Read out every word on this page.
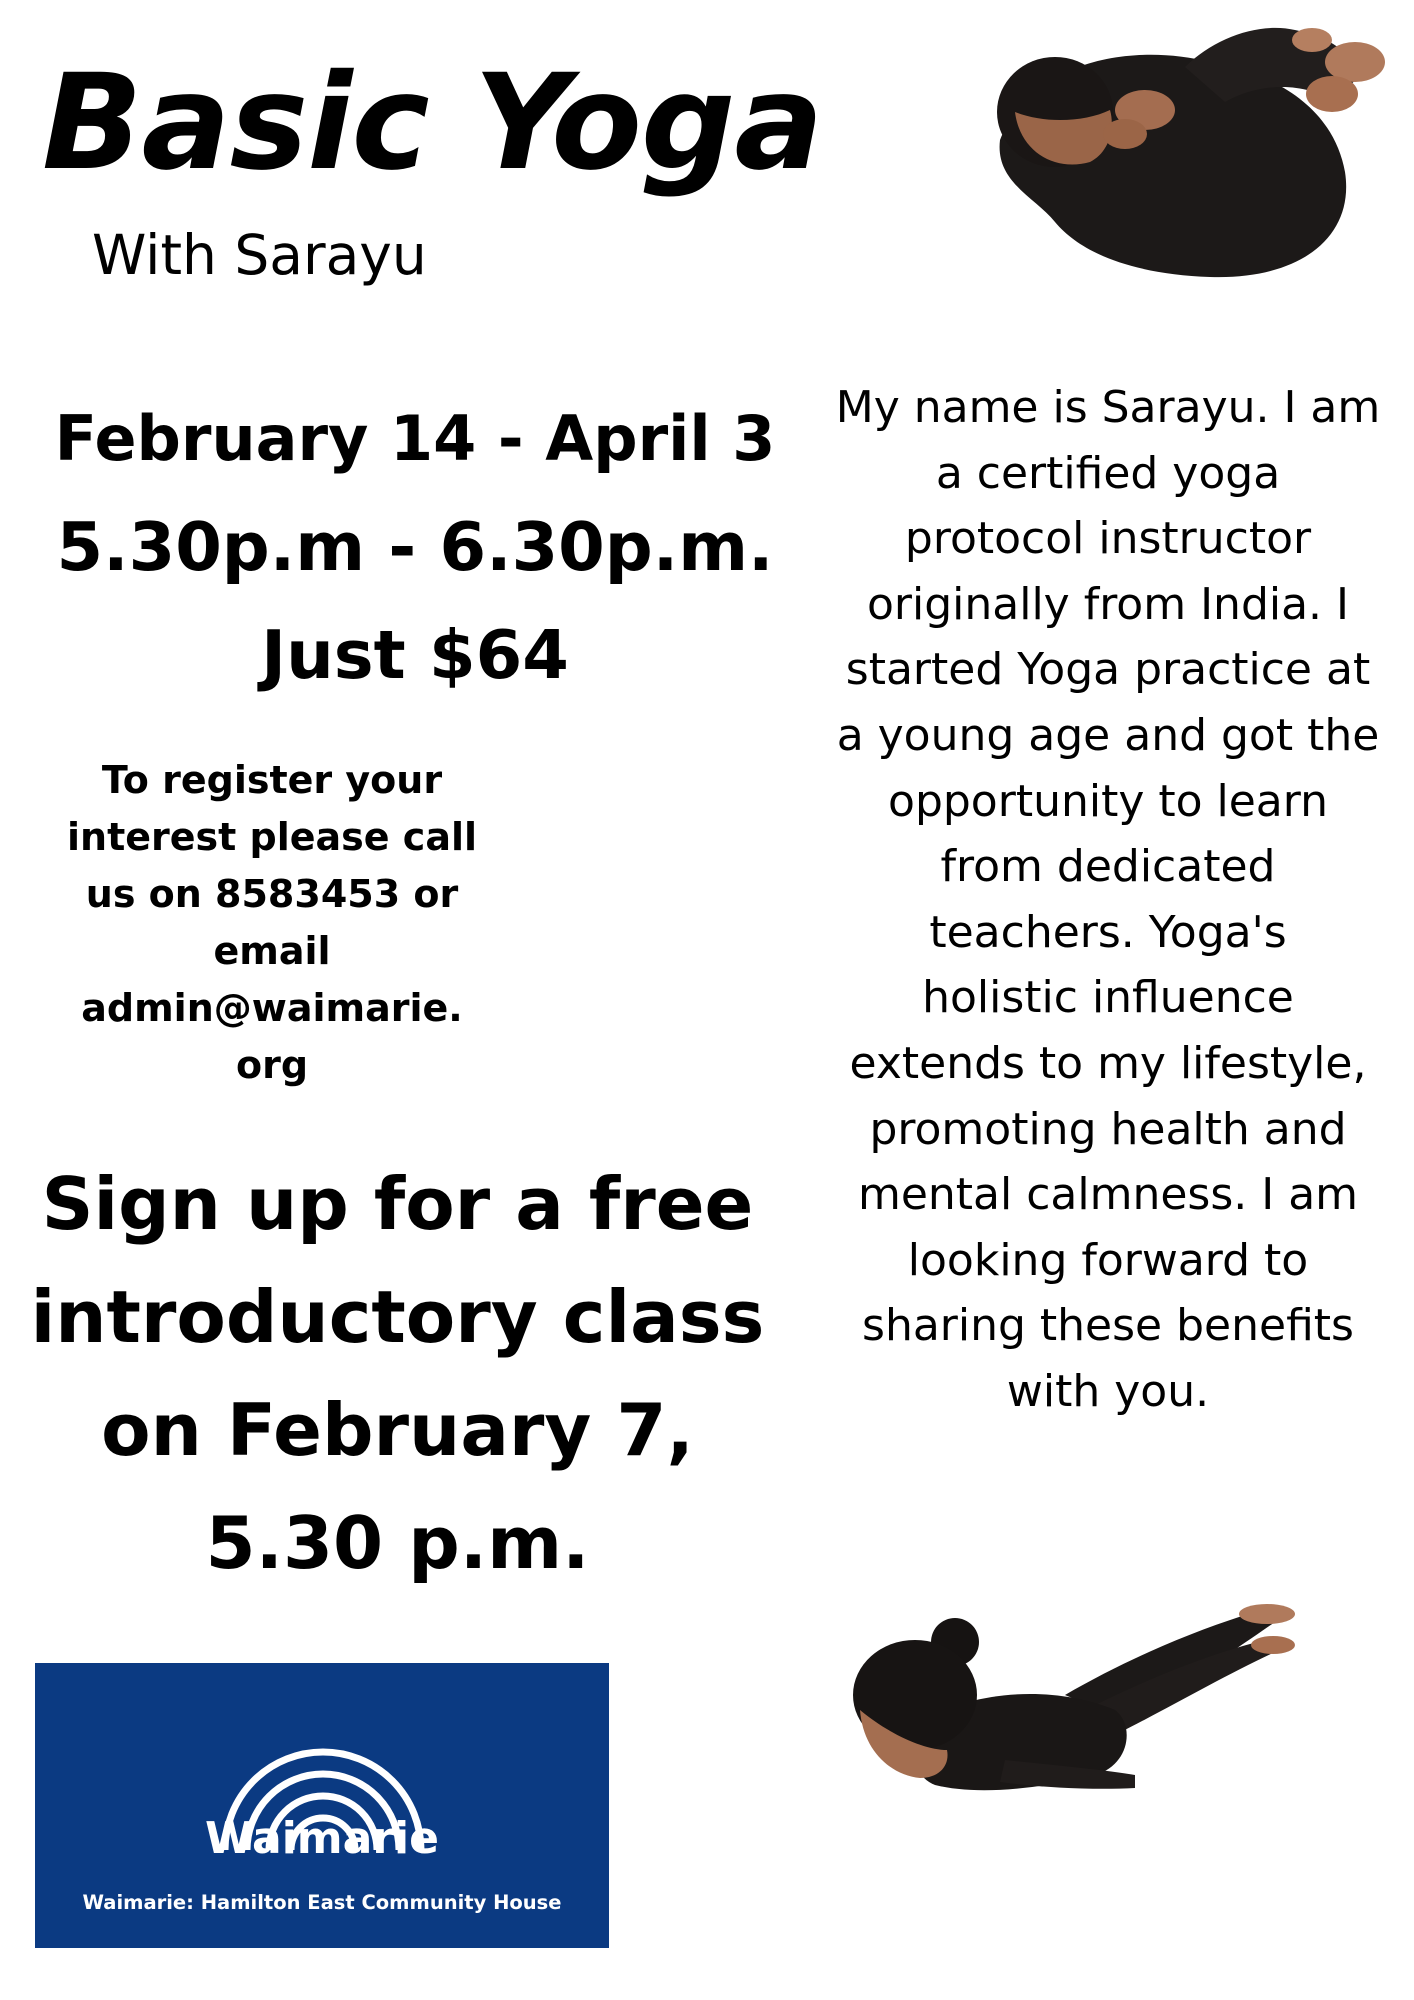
Basic Yoga
With Sarayu
February 14 - April 3
5.30p.m - 6.30p.m.
Just $64
To register your
interest please call
us on 8583453 or
email
admin@waimarie.
org
Sign up for a free
introductory class
on February 7,
5.30 p.m.
My name is Sarayu. I am
a certified yoga
protocol instructor
originally from India. I
started Yoga practice at
a young age and got the
opportunity to learn
from dedicated
teachers. Yoga's
holistic influence
extends to my lifestyle,
promoting health and
mental calmness. I am
looking forward to
sharing these benefits
with you.
Waimarie
Waimarie: Hamilton East Community House
